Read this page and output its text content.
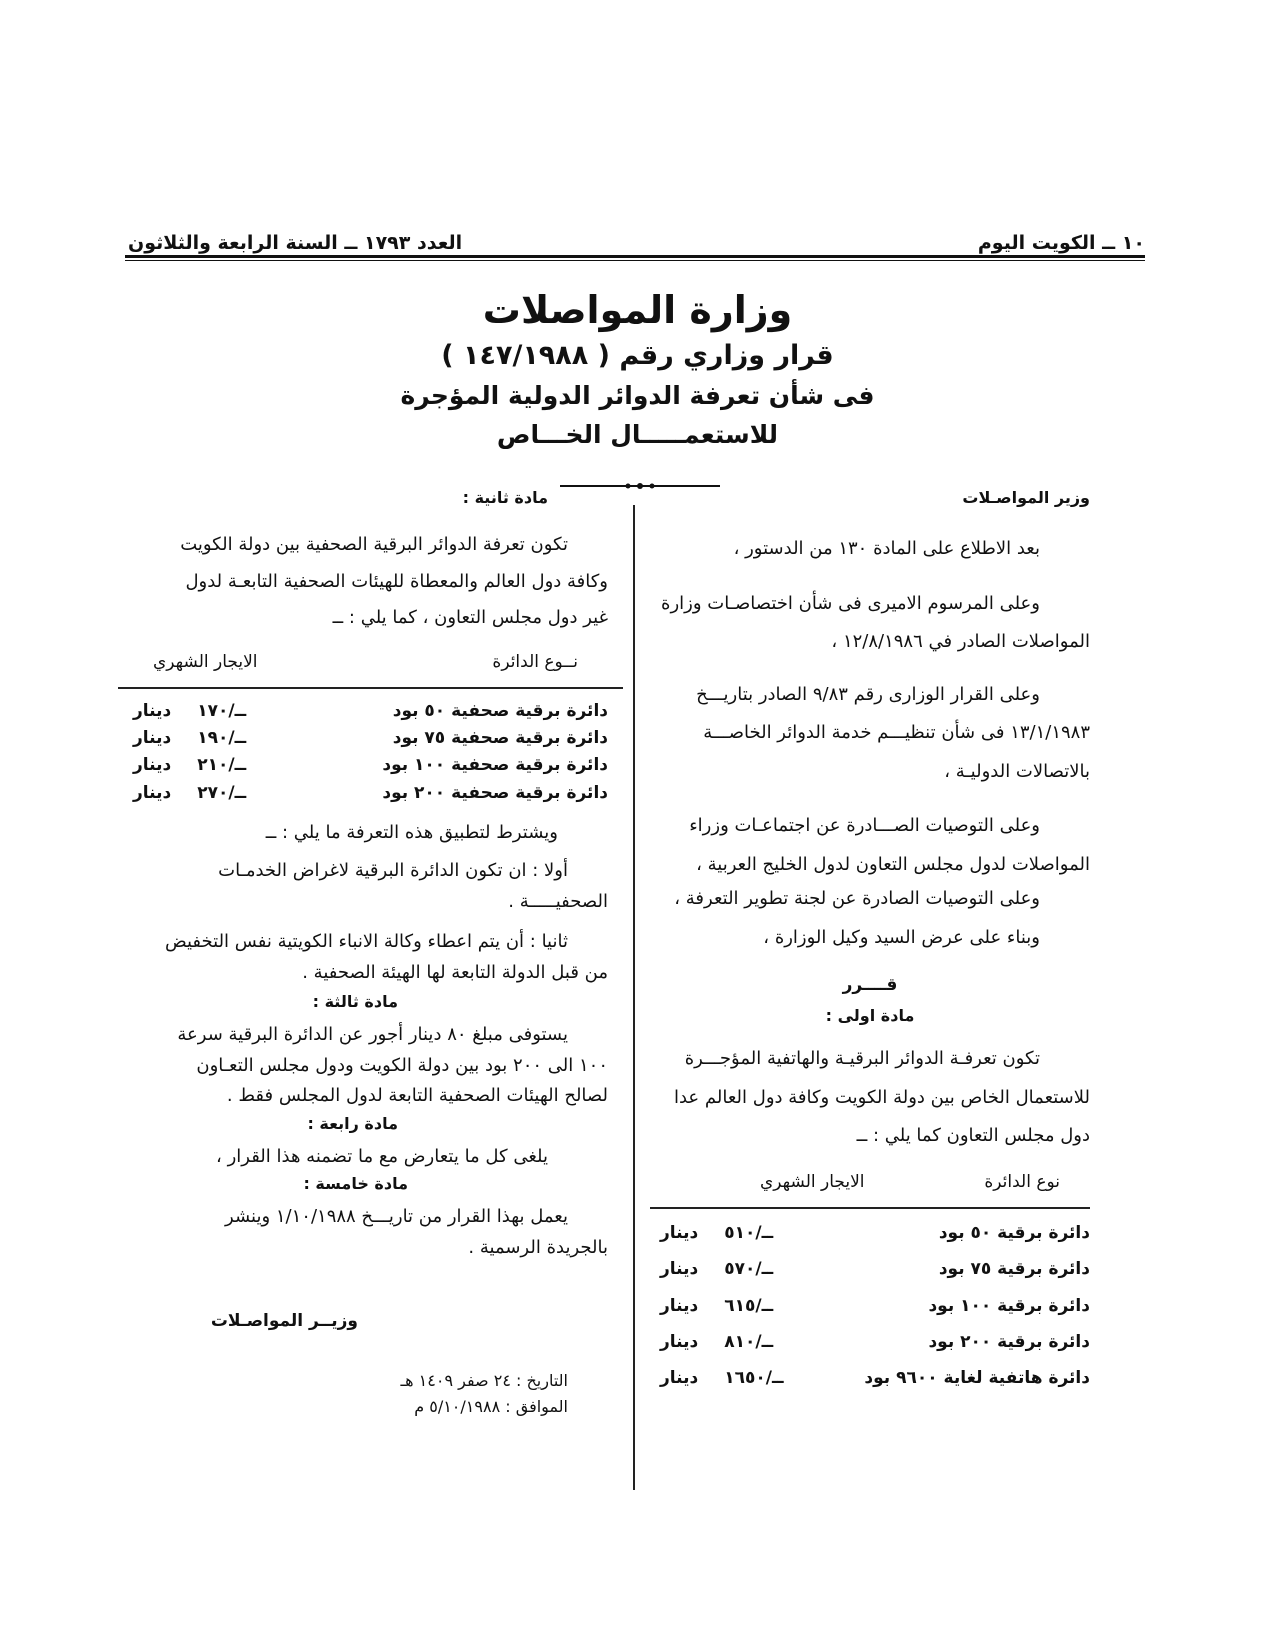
١٠ ــ الكويت اليوم
العدد ١٧٩٣ ــ السنة الرابعة والثلاثون
وزارة المواصلات
قرار وزاري رقم ( ١٤٧/١٩٨٨ )
فى شأن تعرفة الدوائر الدولية المؤجرة
للاستعمـــــال الخـــاص
وزير المواصـلات
بعد الاطلاع على المادة ١٣٠ من الدستور ،
وعلى المرسوم الاميرى فى شأن اختصاصـات وزارة
المواصلات الصادر في ١٢/٨/١٩٨٦ ،
وعلى القرار الوزارى رقم ٩/٨٣ الصادر بتاريـــخ
١٣/١/١٩٨٣ فى شأن تنظيـــم خدمة الدوائر الخاصـــة
بالاتصالات الدوليـة ،
وعلى التوصيات الصـــادرة عن اجتماعـات وزراء
المواصلات لدول مجلس التعاون لدول الخليج العربية ،
وعلى التوصيات الصادرة عن لجنة تطوير التعرفة ،
وبناء على عرض السيد وكيل الوزارة ،
قــــرر
مادة اولى :
تكون تعرفـة الدوائر البرقيـة والهاتفية المؤجـــرة
للاستعمال الخاص بين دولة الكويت وكافة دول العالم عدا
دول مجلس التعاون كما يلي : ــ
نوع الدائرة
الايجار الشهري
دائرة برقية ٥٠ بود
ــ/٥١٠
دينار
دائرة برقية ٧٥ بود
ــ/٥٧٠
دينار
دائرة برقية ١٠٠ بود
ــ/٦١٥
دينار
دائرة برقية ٢٠٠ بود
ــ/٨١٠
دينار
دائرة هاتفية لغاية ٩٦٠٠ بود
ــ/١٦٥٠
دينار
مادة ثانية :
تكون تعرفة الدوائر البرقية الصحفية بين دولة الكويت
وكافة دول العالم والمعطاة للهيئات الصحفية التابعـة لدول
غير دول مجلس التعاون ، كما يلي : ــ
نــوع الدائرة
الايجار الشهري
دائرة برقية صحفية ٥٠ بود
ــ/١٧٠
دينار
دائرة برقية صحفية ٧٥ بود
ــ/١٩٠
دينار
دائرة برقية صحفية ١٠٠ بود
ــ/٢١٠
دينار
دائرة برقية صحفية ٢٠٠ بود
ــ/٢٧٠
دينار
ويشترط لتطبيق هذه التعرفة ما يلي : ــ
أولا : ان تكون الدائرة البرقية لاغراض الخدمـات
الصحفيـــــة .
ثانيا : أن يتم اعطاء وكالة الانباء الكويتية نفس التخفيض
من قبل الدولة التابعة لها الهيئة الصحفية .
مادة ثالثة :
يستوفى مبلغ ٨٠ دينار أجور عن الدائرة البرقية سرعة
١٠٠ الى ٢٠٠ بود بين دولة الكويت ودول مجلس التعـاون
لصالح الهيئات الصحفية التابعة لدول المجلس فقط .
مادة رابعة :
يلغى كل ما يتعارض مع ما تضمنه هذا القرار ،
مادة خامسة :
يعمل بهذا القرار من تاريـــخ ١/١٠/١٩٨٨ وينشر
بالجريدة الرسمية .
وزيــر المواصـلات
التاريخ : ٢٤ صفر ١٤٠٩ هـ
الموافق : ٥/١٠/١٩٨٨ م
